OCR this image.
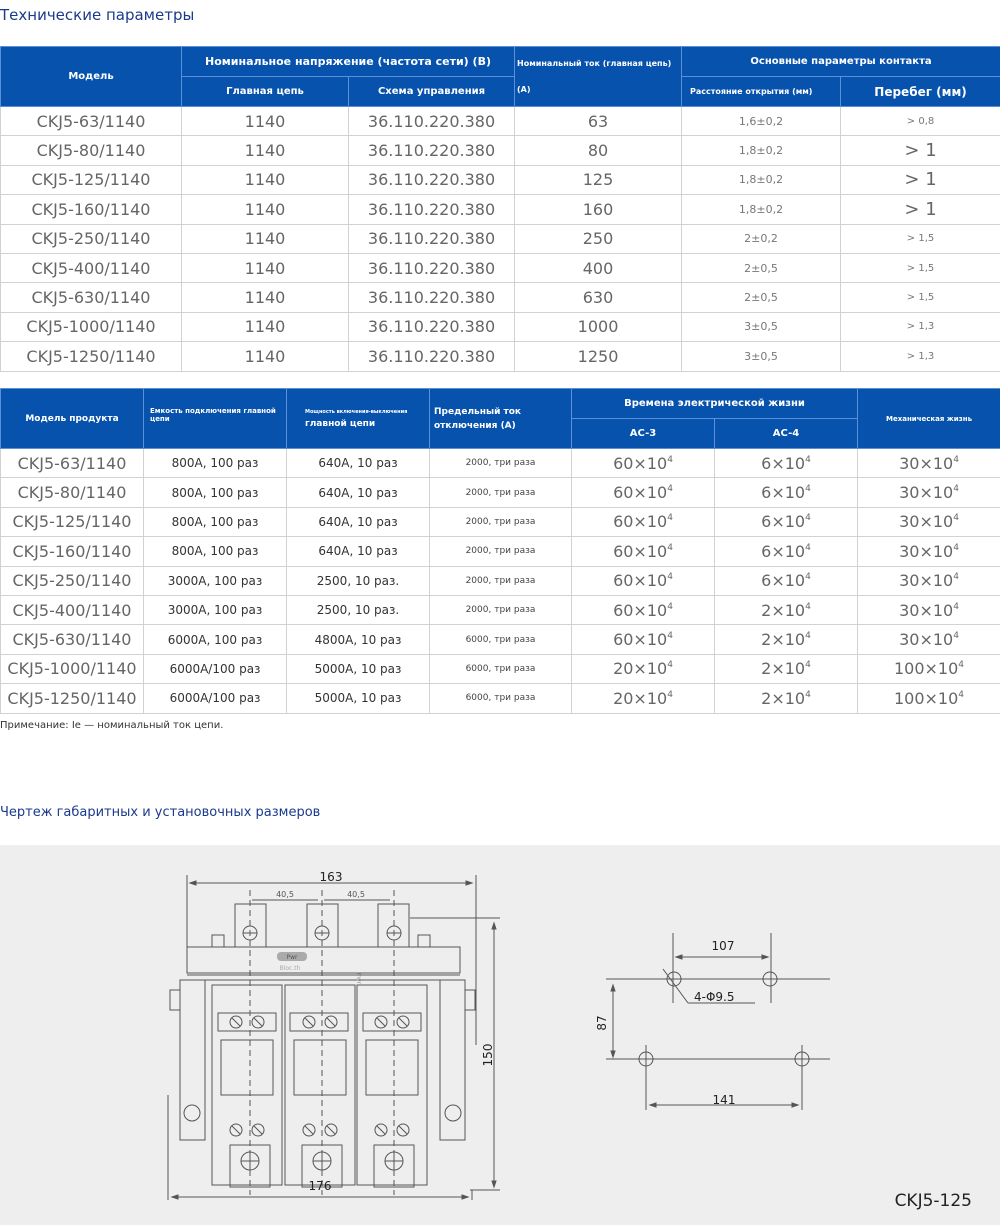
Технические параметры
Модель	Номинальное напряжение (частота сети) (В)		Номинальный ток (главная цепь)(А)	Основные параметры контакта	
	Главная цепь	Схема управления		Расстояние открытия (мм)	Перебег (мм)
CKJ5-63/1140	1140	36.110.220.380	63	1,6±0,2	> 0,8
CKJ5-80/1140	1140	36.110.220.380	80	1,8±0,2	> 1
CKJ5-125/1140	1140	36.110.220.380	125	1,8±0,2	> 1
CKJ5-160/1140	1140	36.110.220.380	160	1,8±0,2	> 1
CKJ5-250/1140	1140	36.110.220.380	250	2±0,2	> 1,5
CKJ5-400/1140	1140	36.110.220.380	400	2±0,5	> 1,5
CKJ5-630/1140	1140	36.110.220.380	630	2±0,5	> 1,5
CKJ5-1000/1140	1140	36.110.220.380	1000	3±0,5	> 1,3
CKJ5-1250/1140	1140	36.110.220.380	1250	3±0,5	> 1,3
Модель продукта	Емкость подключения главной цепи	Мощность включения-выключения
главной цепи	Предельный ток
отключения (А)	Времена электрической жизни		Механическая жизнь
				AC-3	AC-4	
CKJ5-63/1140	800A, 100 раз	640A, 10 раз	2000, три раза	$60\times 10^4$	$6\times 10^4$	$30\times 10^4$
CKJ5-80/1140	800A, 100 раз	640A, 10 раз	2000, три раза	$60\times 10^4$	$6\times 10^4$	$30\times 10^4$
CKJ5-125/1140	800A, 100 раз	640A, 10 раз	2000, три раза	$60\times 10^4$	$6\times 10^4$	$30\times 10^4$
CKJ5-160/1140	800A, 100 раз	640A, 10 раз	2000, три раза	$60\times 10^4$	$6\times 10^4$	$30\times 10^4$
CKJ5-250/1140	3000A, 100 раз	2500, 10 раз.	2000, три раза	$60\times 10^4$	$6\times 10^4$	$30\times 10^4$
CKJ5-400/1140	3000A, 100 раз	2500, 10 раз.	2000, три раза	$60\times 10^4$	$2\times 10^4$	$30\times 10^4$
CKJ5-630/1140	6000A, 100 раз	4800A, 10 раз	6000, три раза	$60\times 10^4$	$2\times 10^4$	$30\times 10^4$
CKJ5-1000/1140	6000A/100 раз	5000A, 10 раз	6000, три раза	$20\times 10^4$	$2\times 10^4$	$100\times 10^4$
CKJ5-1250/1140	6000A/100 раз	5000A, 10 раз	6000, три раза	$20\times 10^4$	$2\times 10^4$	$100\times 10^4$
Примечание: Ie — номинальный ток цепи.
Чертеж габаритных и установочных размеров
163
40,5	40,5
150
176
107
87
141
4-Φ9.5
Pwr
Bloc.th
Pwr
CKJ5-125
